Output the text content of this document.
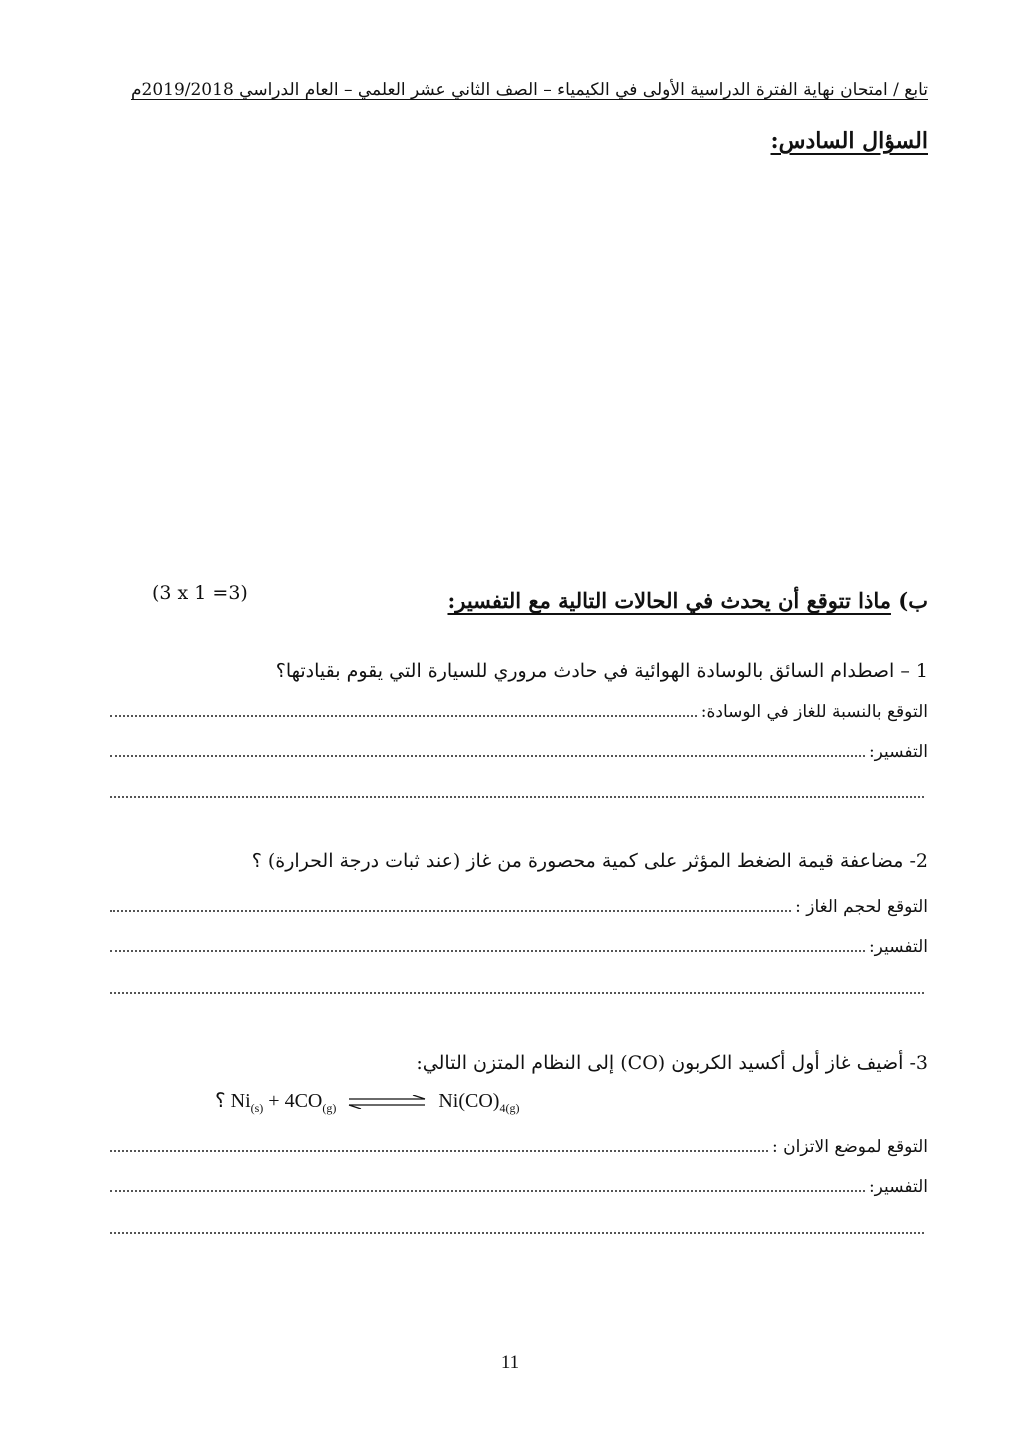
تابع / امتحان نهاية الفترة الدراسية الأولى في الكيمياء – الصف الثاني عشر العلمي – العام الدراسي 2019/2018م
السؤال السادس:
ب) ماذا تتوقع أن يحدث في الحالات التالية مع التفسير:
(3 x 1 =3)
1 – اصطدام السائق بالوسادة الهوائية في حادث مروري للسيارة التي يقوم بقيادتها؟
التوقع بالنسبة للغاز في الوسادة:
التفسير:
2- مضاعفة قيمة الضغط المؤثر على كمية محصورة من غاز (عند ثبات درجة الحرارة) ؟
التوقع لحجم الغاز :
التفسير:
3- أضيف غاز أول أكسيد الكربون (CO) إلى النظام المتزن التالي:
؟ $Ni_{(s)} + 4CO_{(g)}$ ⇌ $Ni(CO)_{4(g)}$
التوقع لموضع الاتزان :
التفسير:
11
